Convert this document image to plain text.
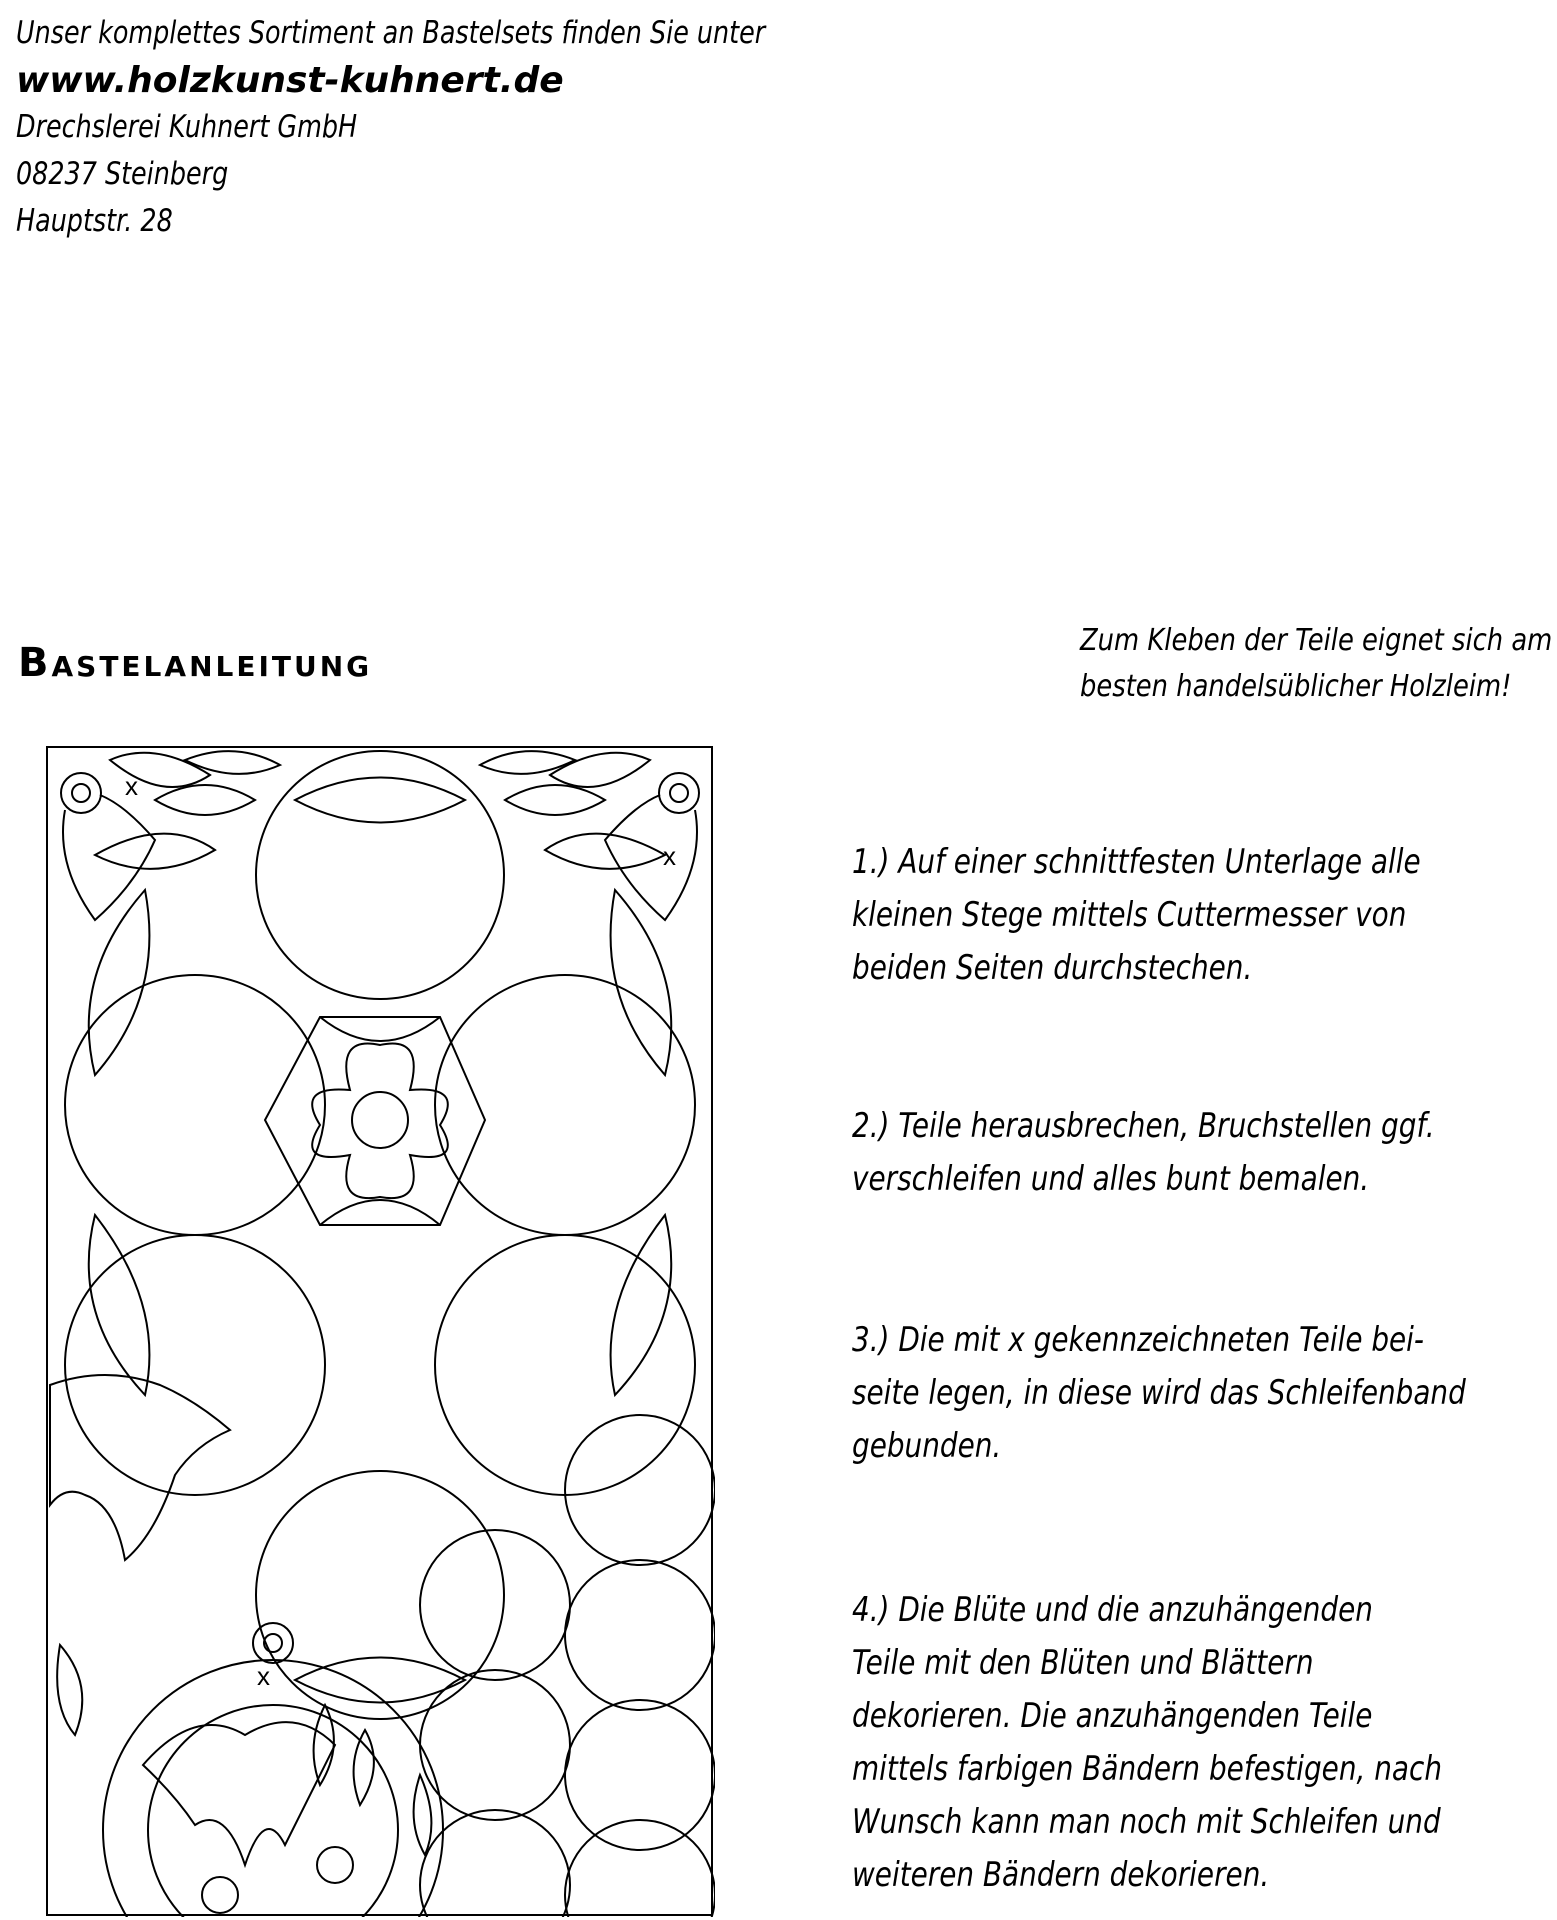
Unser komplettes Sortiment an Bastelsets finden Sie unter
www.holzkunst-kuhnert.de
Drechslerei Kuhnert GmbH
08237 Steinberg
Hauptstr. 28
Bastelanleitung	Zum Kleben der Teile eignet sich am
besten handelsüblicher Holzleim!
1.) Auf einer schnittfesten Unterlage alle
kleinen Stege mittels Cuttermesser von
beiden Seiten durchstechen.
2.) Teile herausbrechen, Bruchstellen ggf.
verschleifen und alles bunt bemalen.
3.) Die mit x gekennzeichneten Teile bei-
seite legen, in diese wird das Schleifenband
gebunden.
4.) Die Blüte und die anzuhängenden
Teile mit den Blüten und Blättern
dekorieren. Die anzuhängenden Teile
mittels farbigen Bändern befestigen, nach
Wunsch kann man noch mit Schleifen und
weiteren Bändern dekorieren.
x
x
x
